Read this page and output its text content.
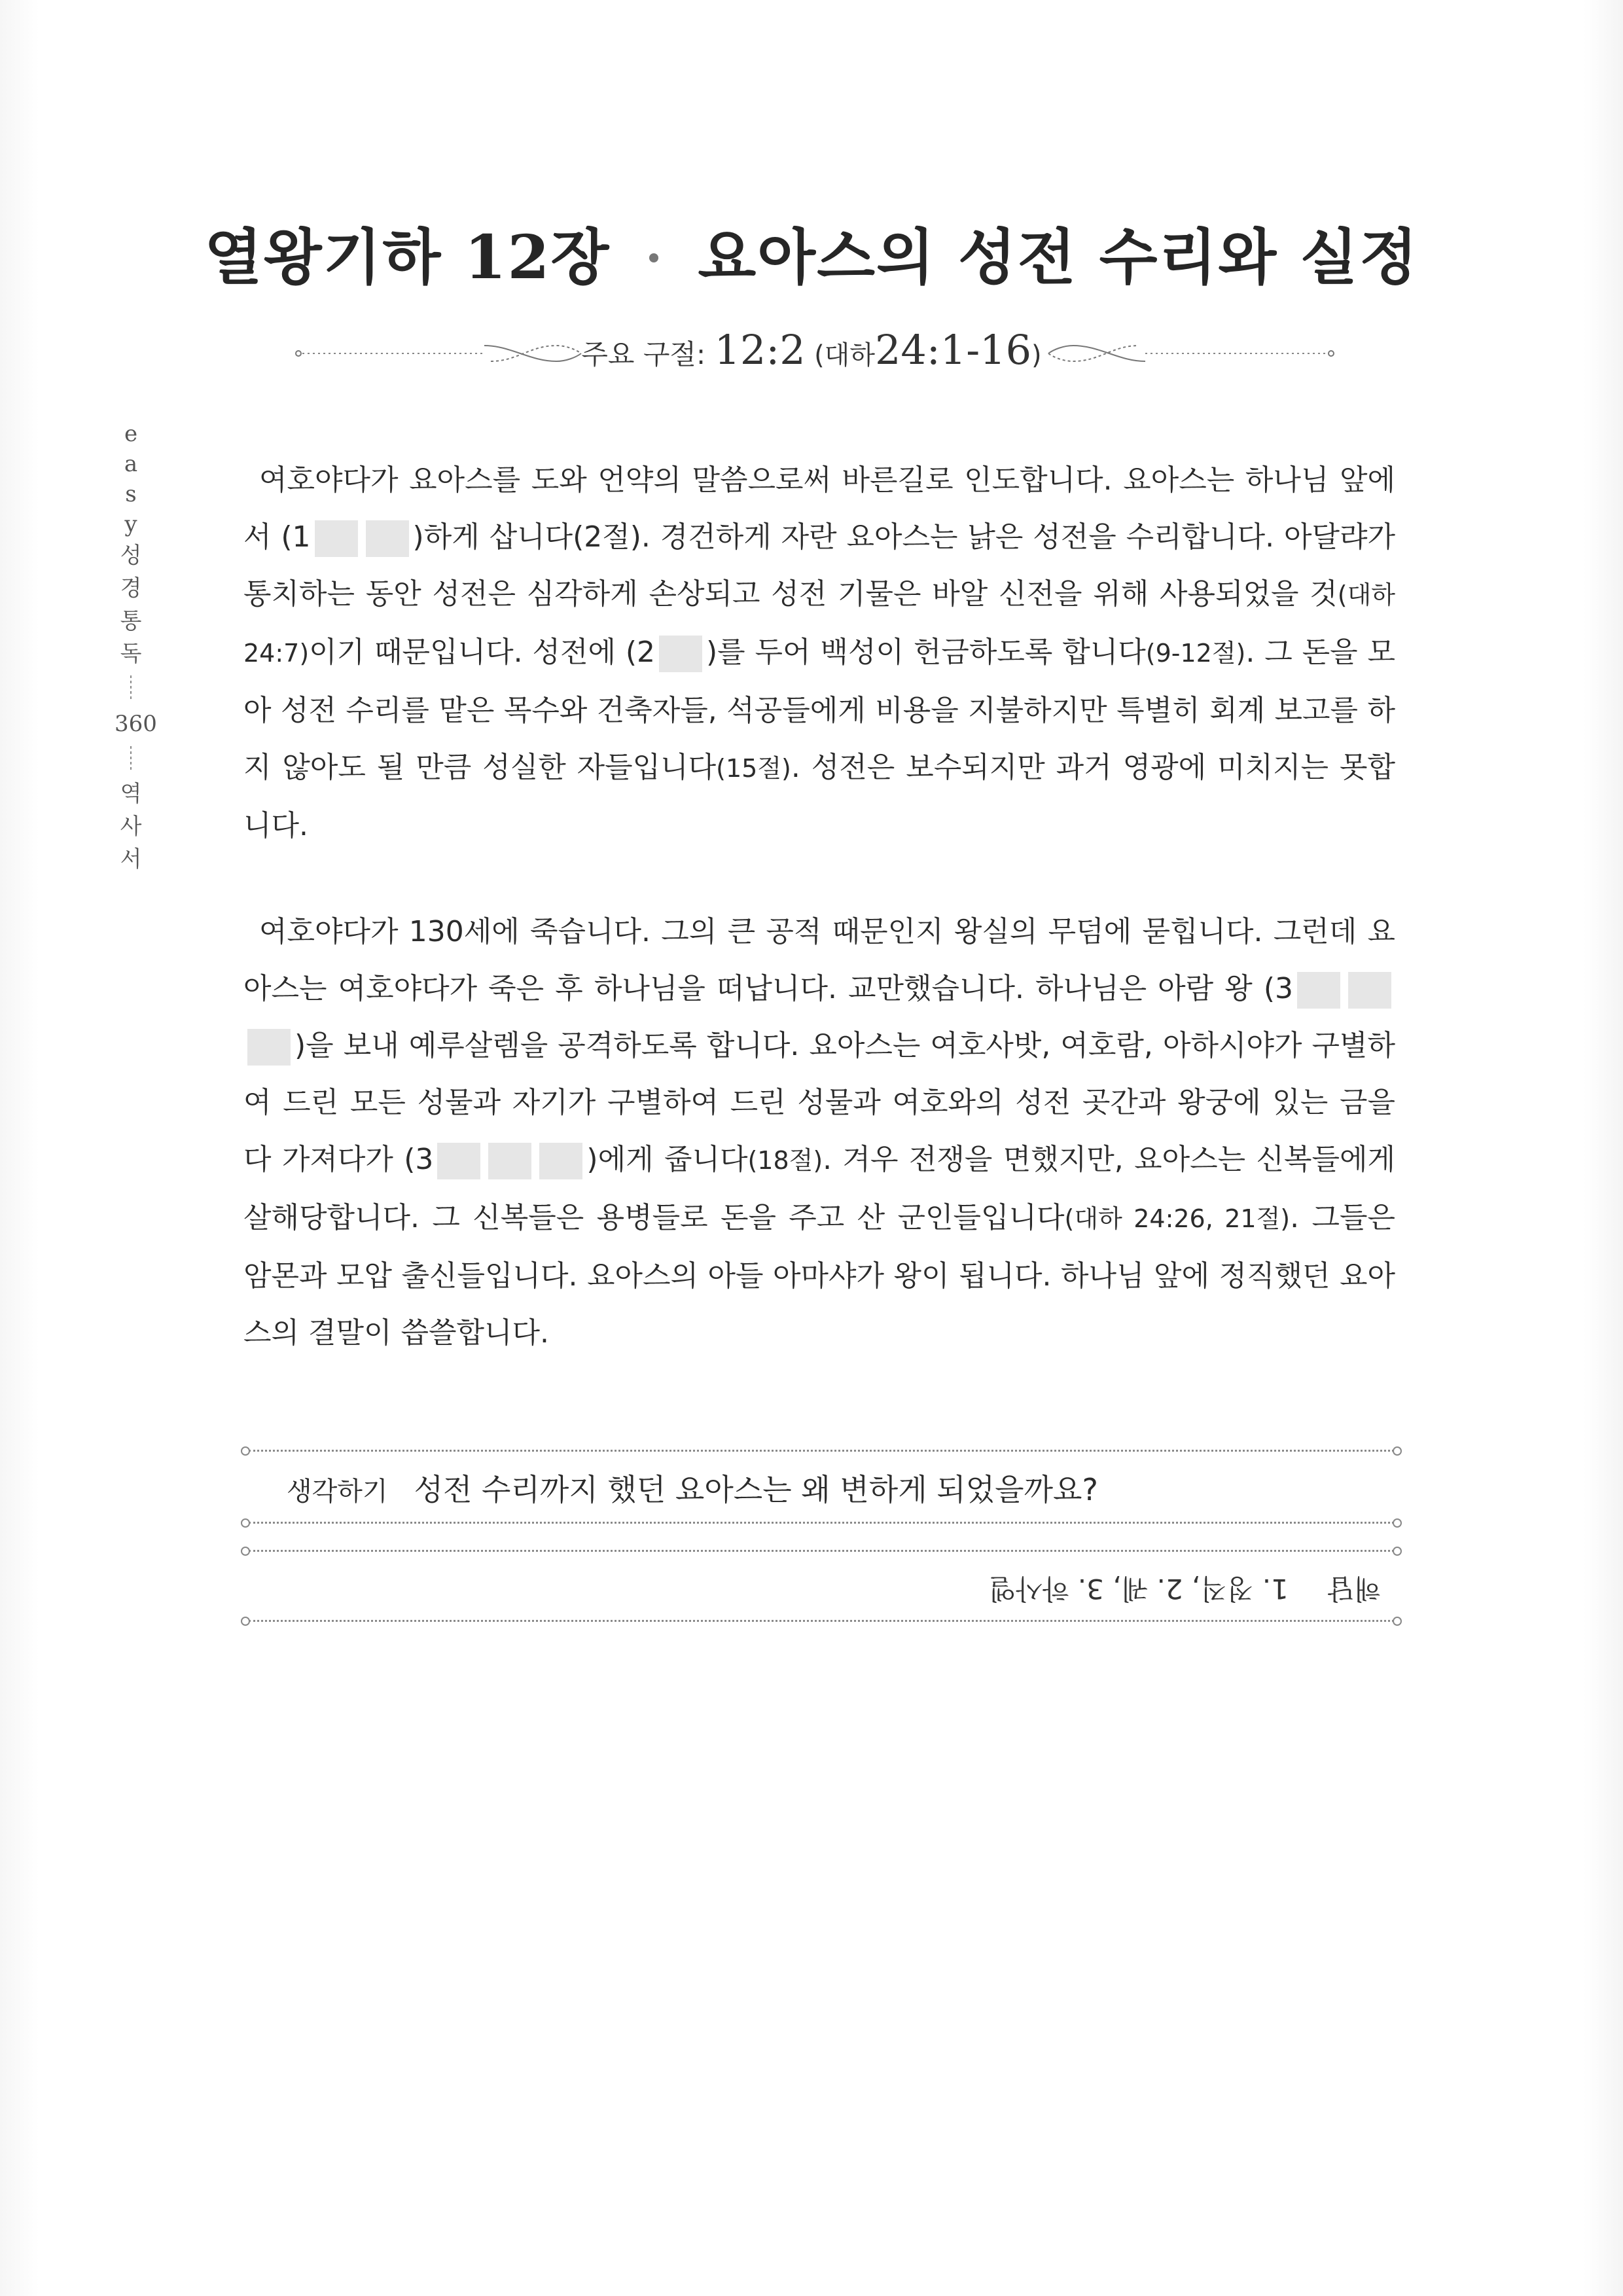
열왕기하 12장 요아스의 성전 수리와 실정
주요 구절: 12:2 (대하24:1-16)
e
a
s
y
성
경
통
독
360
역
사
서
여호야다가 요아스를 도와 언약의 말씀으로써 바른길로 인도합니다. 요아스는 하나님 앞에서 (1	)하게 삽니다(2절). 경건하게 자란 요아스는 낡은 성전을 수리합니다. 아달랴가 통치하는 동안 성전은 심각하게 손상되고 성전 기물은 바알 신전을 위해 사용되었을 것(대하 24:7)이기 때문입니다. 성전에 (2 )를 두어 백성이 헌금하도록 합니다(9-12절). 그 돈을 모아 성전 수리를 맡은 목수와 건축자들, 석공들에게 비용을 지불하지만 특별히 회계 보고를 하지 않아도 될 만큼 성실한 자들입니다(15절). 성전은 보수되지만 과거 영광에 미치지는 못합니다.
여호야다가 130세에 죽습니다. 그의 큰 공적 때문인지 왕실의 무덤에 묻힙니다. 그런데 요아스는 여호야다가 죽은 후 하나님을 떠납니다. 교만했습니다. 하나님은 아람 왕 (3)을 보내 예루살렘을 공격하도록 합니다. 요아스는 여호사밧, 여호람, 아하시야가 구별하여 드린 모든 성물과 자기가 구별하여 드린 성물과 여호와의 성전 곳간과 왕궁에 있는 금을 다 가져다가 (3	)에게 줍니다(18절). 겨우 전쟁을 면했지만, 요아스는 신복들에게 살해당합니다. 그 신복들은 용병들로 돈을 주고 산 군인들입니다(대하 24:26, 21절). 그들은 암몬과 모압 출신들입니다. 요아스의 아들 아마샤가 왕이 됩니다. 하나님 앞에 정직했던 요아스의 결말이 씁쓸합니다.
생각하기 성전 수리까지 했던 요아스는 왜 변하게 되었을까요?
해답1. 정직, 2. 궤, 3. 하사엘
